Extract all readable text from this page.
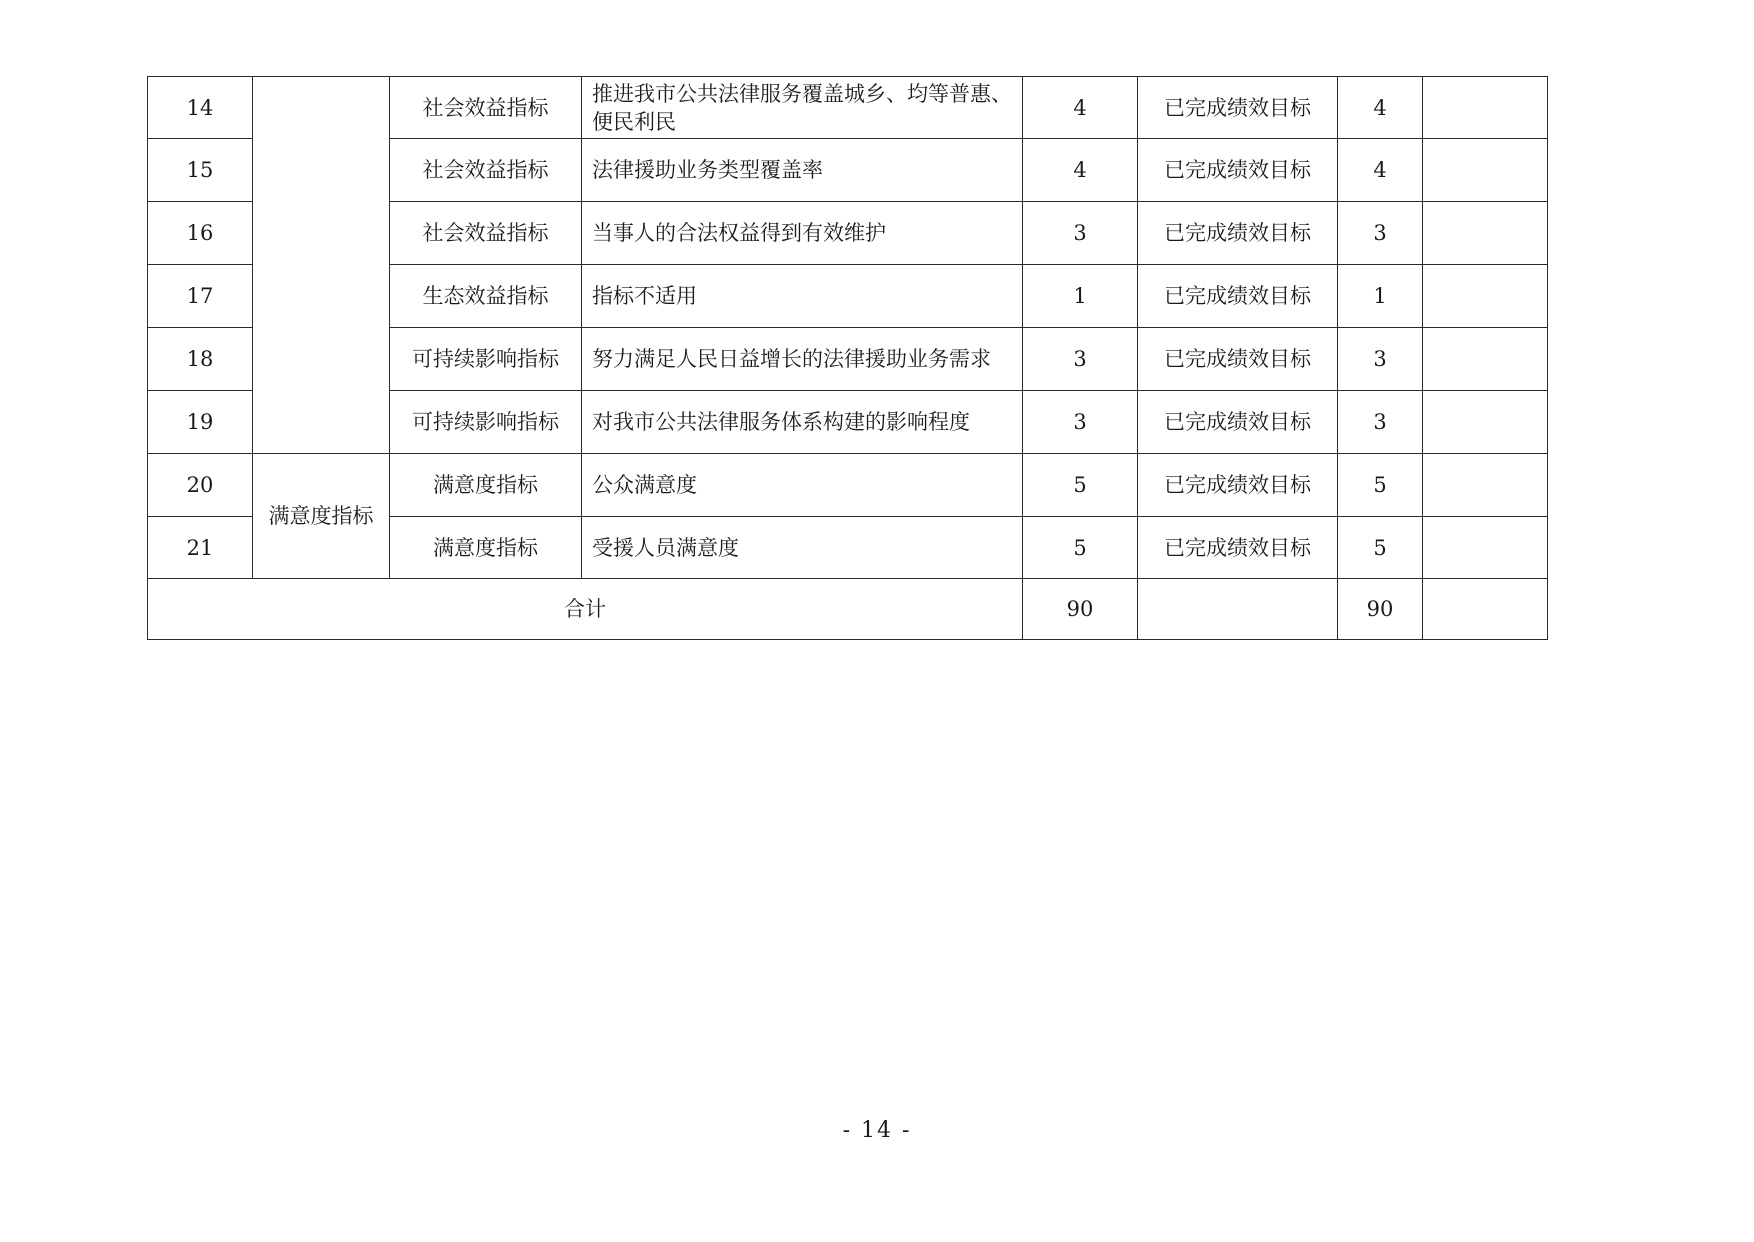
14		社会效益指标	推进我市公共法律服务覆盖城乡、均等普惠、便民利民	4	已完成绩效目标	4	
15		社会效益指标	法律援助业务类型覆盖率	4	已完成绩效目标	4	
16		社会效益指标	当事人的合法权益得到有效维护	3	已完成绩效目标	3	
17		生态效益指标	指标不适用	1	已完成绩效目标	1	
18		可持续影响指标	努力满足人民日益增长的法律援助业务需求	3	已完成绩效目标	3	
19		可持续影响指标	对我市公共法律服务体系构建的影响程度	3	已完成绩效目标	3	
20	满意度指标	满意度指标	公众满意度	5	已完成绩效目标	5	
21		满意度指标	受援人员满意度	5	已完成绩效目标	5	
合计				90		90	
- 14 -
